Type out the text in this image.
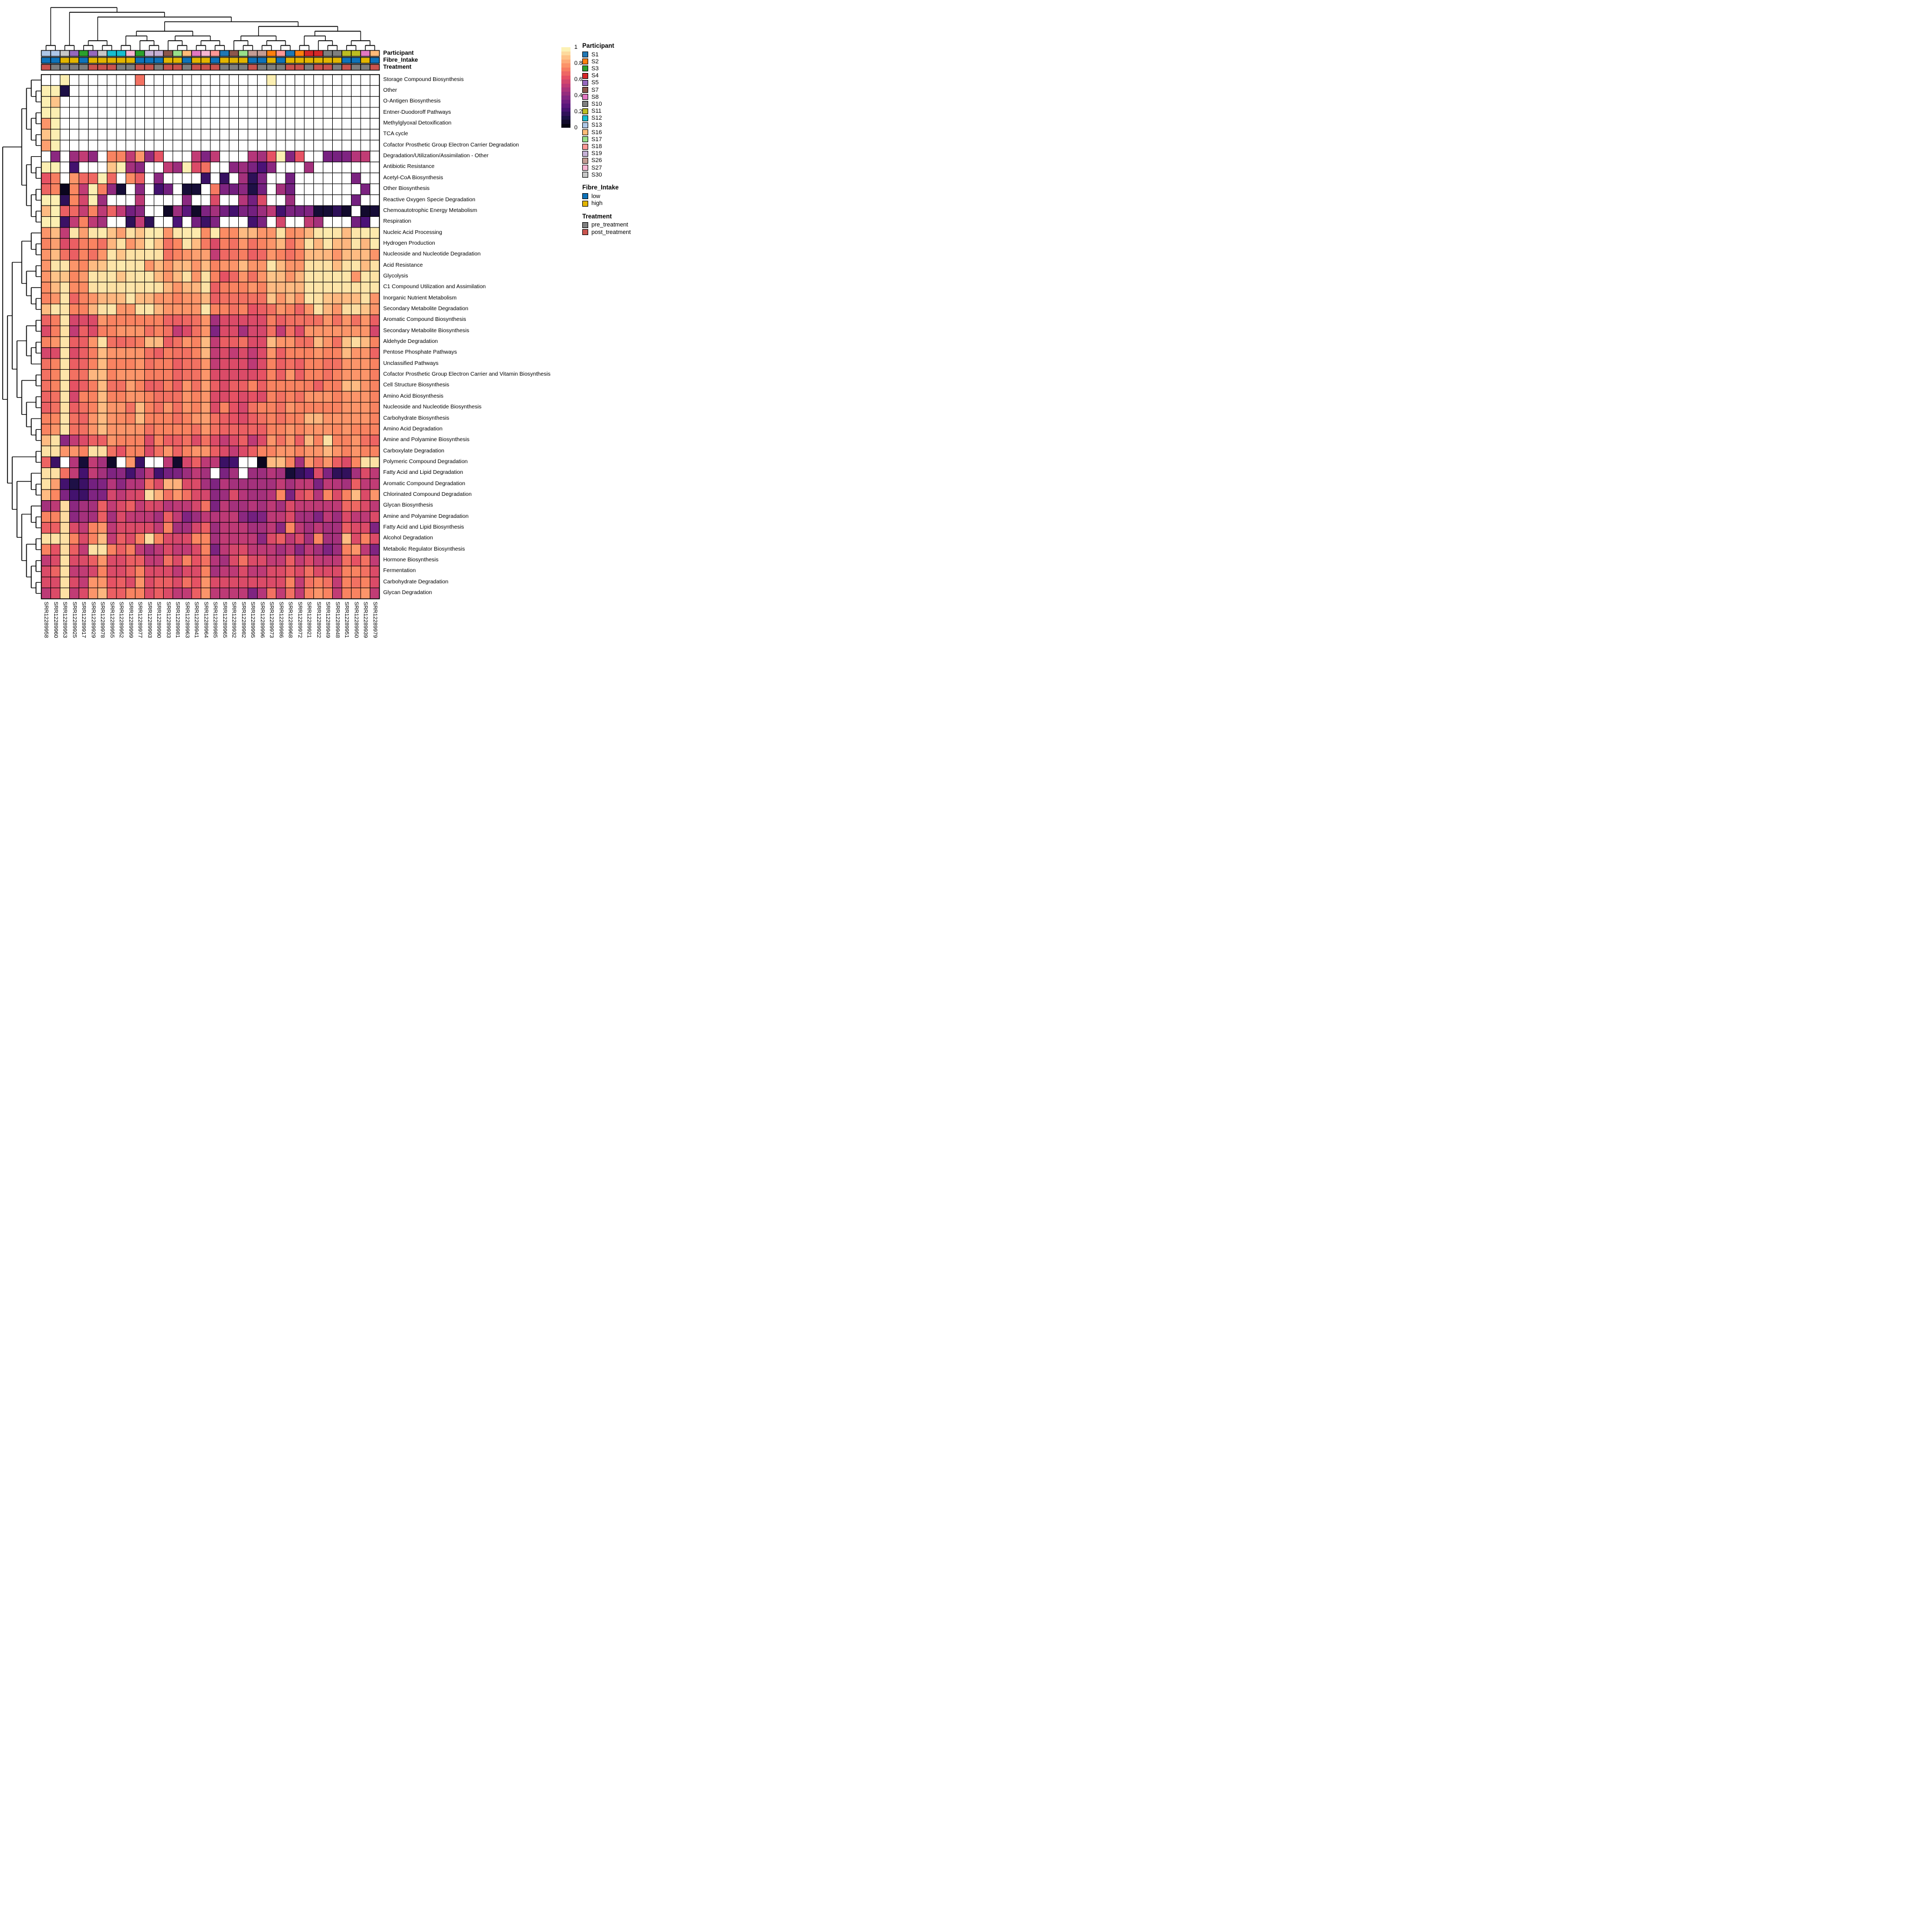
Participant
Fibre_Intake
Treatment
Storage Compound Biosynthesis
Other
O-Antigen Biosynthesis
Entner-Duodoroff Pathways
Methylglyoxal Detoxification
TCA cycle
Cofactor Prosthetic Group Electron Carrier Degradation
Degradation/Utilization/Assimilation - Other
Antibiotic Resistance
Acetyl-CoA Biosynthesis
Other Biosynthesis
Reactive Oxygen Specie Degradation
Chemoautotrophic Energy Metabolism
Respiration
Nucleic Acid Processing
Hydrogen Production
Nucleoside and Nucleotide Degradation
Acid Resistance
Glycolysis
C1 Compound Utilization and Assimilation
Inorganic Nutrient Metabolism
Secondary Metabolite Degradation
Aromatic Compound Biosynthesis
Secondary Metabolite Biosynthesis
Aldehyde Degradation
Pentose Phosphate Pathways
Unclassified Pathways
Cofactor Prosthetic Group Electron Carrier and Vitamin Biosynthesis
Cell Structure Biosynthesis
Amino Acid Biosynthesis
Nucleoside and Nucleotide Biosynthesis
Carbohydrate Biosynthesis
Amino Acid Degradation
Amine and Polyamine Biosynthesis
Carboxylate Degradation
Polymeric Compound Degradation
Fatty Acid and Lipid Degradation
Aromatic Compound Degradation
Chlorinated Compound Degradation
Glycan Biosynthesis
Amine and Polyamine Degradation
Fatty Acid and Lipid Biosynthesis
Alcohol Degradation
Metabolic Regulator Biosynthesis
Hormone Biosynthesis
Fermentation
Carbohydrate Degradation
Glycan Degradation
SRR12289958 SRR12289960 SRR12289953 SRR12289925 SRR12289917 SRR12289929 SRR12289978 SRR12289955 SRR12289952 SRR12289999 SRR12289977 SRR12289993 SRR12289990 SRR12289933 SRR12289981 SRR12289963 SRR12289941 SRR12289964 SRR12289985 SRR12289965 SRR12289932 SRR12289982 SRR12289995 SRR12289996 SRR12289973 SRR12289986 SRR12289968 SRR12289972 SRR12289921 SRR12289922 SRR12289949 SRR12289948 SRR12289951 SRR12289950 SRR12289939 SRR12289979
1
0.8
0.6
0.4
0.2
0
Participant
S1
S2
S3
S4
S5
S7
S8
S10
S11
S12
S13
S16
S17
S18
S19
S26
S27
S30
Fibre_Intake
low
high
Treatment
pre_treatment
post_treatment
